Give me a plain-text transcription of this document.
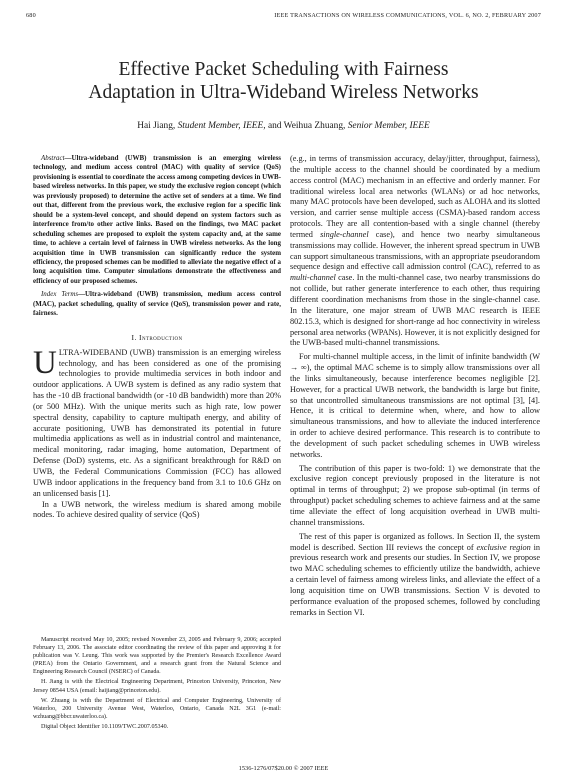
680	IEEE TRANSACTIONS ON WIRELESS COMMUNICATIONS, VOL. 6, NO. 2, FEBRUARY 2007
Effective Packet Scheduling with Fairness
Adaptation in Ultra-Wideband Wireless Networks
Hai Jiang, Student Member, IEEE, and Weihua Zhuang, Senior Member, IEEE

Abstract—Ultra-wideband (UWB) transmission is an emerging wireless technology, and medium access control (MAC) with quality of service (QoS) provisioning is essential to coordinate the access among competing devices in UWB-based wireless networks. In this paper, we study the exclusive region concept (which was previously proposed) to determine the active set of senders at a time. We find out that, different from the previous work, the exclusive region for a specific link should be a system-level concept, and should depend on system factors such as interference from/to other active links. Based on the findings, two MAC packet scheduling schemes are proposed to exploit the system capacity and, at the same time, to achieve a certain level of fairness in UWB wireless networks. As the long acquisition time in UWB transmission can significantly reduce the system efficiency, the proposed schemes can be modified to alleviate the negative effect of a long acquisition time. Computer simulations demonstrate the effectiveness and efficiency of our proposed schemes.

Index Terms—Ultra-wideband (UWB) transmission, medium access control (MAC), packet scheduling, quality of service (QoS), transmission power and rate, fairness.

I. Introduction

ULTRA-WIDEBAND (UWB) transmission is an emerging wireless technology, and has been considered as one of the promising technologies to provide multimedia services in both indoor and outdoor applications. A UWB system is defined as any radio system that has the -10 dB fractional bandwidth (or -10 dB bandwidth) more than 20% (or 500 MHz). With the unique merits such as high rate, low power spectral density, capability to capture multipath energy, and ability of accurate positioning, UWB has demonstrated its potential in future multimedia applications as well as in industrial control and maintenance, medical monitoring, radar imaging, home automation, Department of Defense (DoD) systems, etc. As a significant breakthrough for R&D on UWB, the Federal Communications Commission (FCC) has allowed UWB indoor applications in the frequency band from 3.1 to 10.6 GHz on an unlicensed basis [1].

In a UWB network, the wireless medium is shared among mobile nodes. To achieve desired quality of service (QoS)

(e.g., in terms of transmission accuracy, delay/jitter, throughput, fairness), the multiple access to the channel should be coordinated by a medium access control (MAC) mechanism in an effective and orderly manner. For traditional wireless local area networks (WLANs) or ad hoc networks, many MAC protocols have been developed, such as ALOHA and its slotted version, and carrier sense multiple access (CSMA)-based random access protocols. They are all contention-based with a single channel (thereby termed single-channel case), and hence two nearby simultaneous transmissions may collide. However, the inherent spread spectrum in UWB can support simultaneous transmissions, with an appropriate pseudorandom sequence design and effective call admission control (CAC), referred to as multi-channel case. In the multi-channel case, two nearby transmissions do not collide, but rather generate interference to each other, thus requiring different coordination mechanisms from those in the single-channel case. In the literature, one major stream of UWB MAC research is IEEE 802.15.3, which is designed for short-range ad hoc connectivity in wireless personal area networks (WPANs). However, it is not explicitly designed for the UWB-based multi-channel transmissions.

For multi-channel multiple access, in the limit of infinite bandwidth (W → ∞), the optimal MAC scheme is to simply allow transmissions over all the links simultaneously, because interference becomes negligible [2]. However, for a practical UWB network, the bandwidth is large but finite, so that uncontrolled simultaneous transmissions are not optimal [3], [4]. Hence, it is critical to determine when, where, and how to allow simultaneous transmissions, and how to alleviate the induced interference in order to achieve desired performance. This research is to contribute to the development of such packet scheduling schemes in UWB wireless networks.

The contribution of this paper is two-fold: 1) we demonstrate that the exclusive region concept previously proposed in the literature is not optimal in terms of throughput; 2) we propose sub-optimal (in terms of throughput) packet scheduling schemes to achieve fairness and at the same time alleviate the effect of long acquisition overhead in UWB multi-channel transmissions.

The rest of this paper is organized as follows. In Section II, the system model is described. Section III reviews the concept of exclusive region in previous research work and presents our studies. In Section IV, we propose two MAC scheduling schemes to efficiently utilize the bandwidth, achieve a certain level of fairness among wireless links, and alleviate the effect of a long acquisition time on UWB transmissions. Section V is devoted to performance evaluation of the proposed schemes, followed by concluding remarks in Section VI.

Manuscript received May 10, 2005; revised November 23, 2005 and February 9, 2006; accepted February 13, 2006. The associate editor coordinating the review of this paper and approving it for publication was V. Leung. This work was supported by the Premier's Research Excellence Award (PREA) from the Ontario Government, and a research grant from the Natural Science and Engineering Research Council (NSERC) of Canada.

H. Jiang is with the Electrical Engineering Department, Princeton University, Princeton, New Jersey 08544 USA (email: haijiang@princeton.edu).

W. Zhuang is with the Department of Electrical and Computer Engineering, University of Waterloo, 200 University Avenue West, Waterloo, Ontario, Canada N2L 3G1 (e-mail: wzhuang@bbcr.uwaterloo.ca).

Digital Object Identifier 10.1109/TWC.2007.05340.

1536-1276/07$20.00 © 2007 IEEE
